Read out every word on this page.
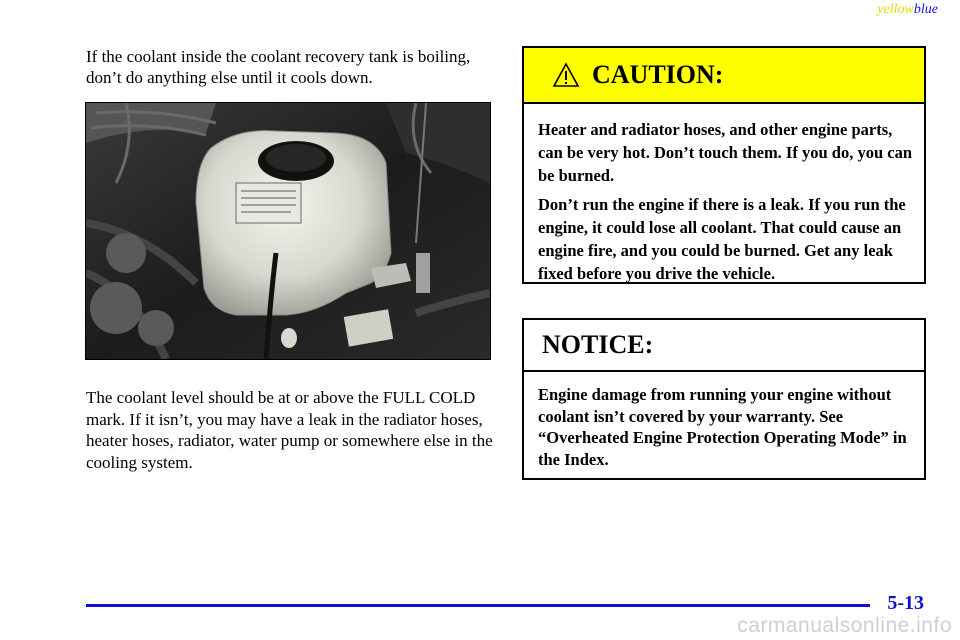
yellowblue

If the coolant inside the coolant recovery tank is boiling, don’t do anything else until it cools down.

The coolant level should be at or above the FULL COLD mark. If it isn’t, you may have a leak in the radiator hoses, heater hoses, radiator, water pump or somewhere else in the cooling system.

CAUTION:

Heater and radiator hoses, and other engine parts, can be very hot. Don’t touch them. If you do, you can be burned.

Don’t run the engine if there is a leak. If you run the engine, it could lose all coolant. That could cause an engine fire, and you could be burned. Get any leak fixed before you drive the vehicle.

NOTICE:

Engine damage from running your engine without coolant isn’t covered by your warranty. See “Overheated Engine Protection Operating Mode” in the Index.

5-13
carmanualsonline.info
